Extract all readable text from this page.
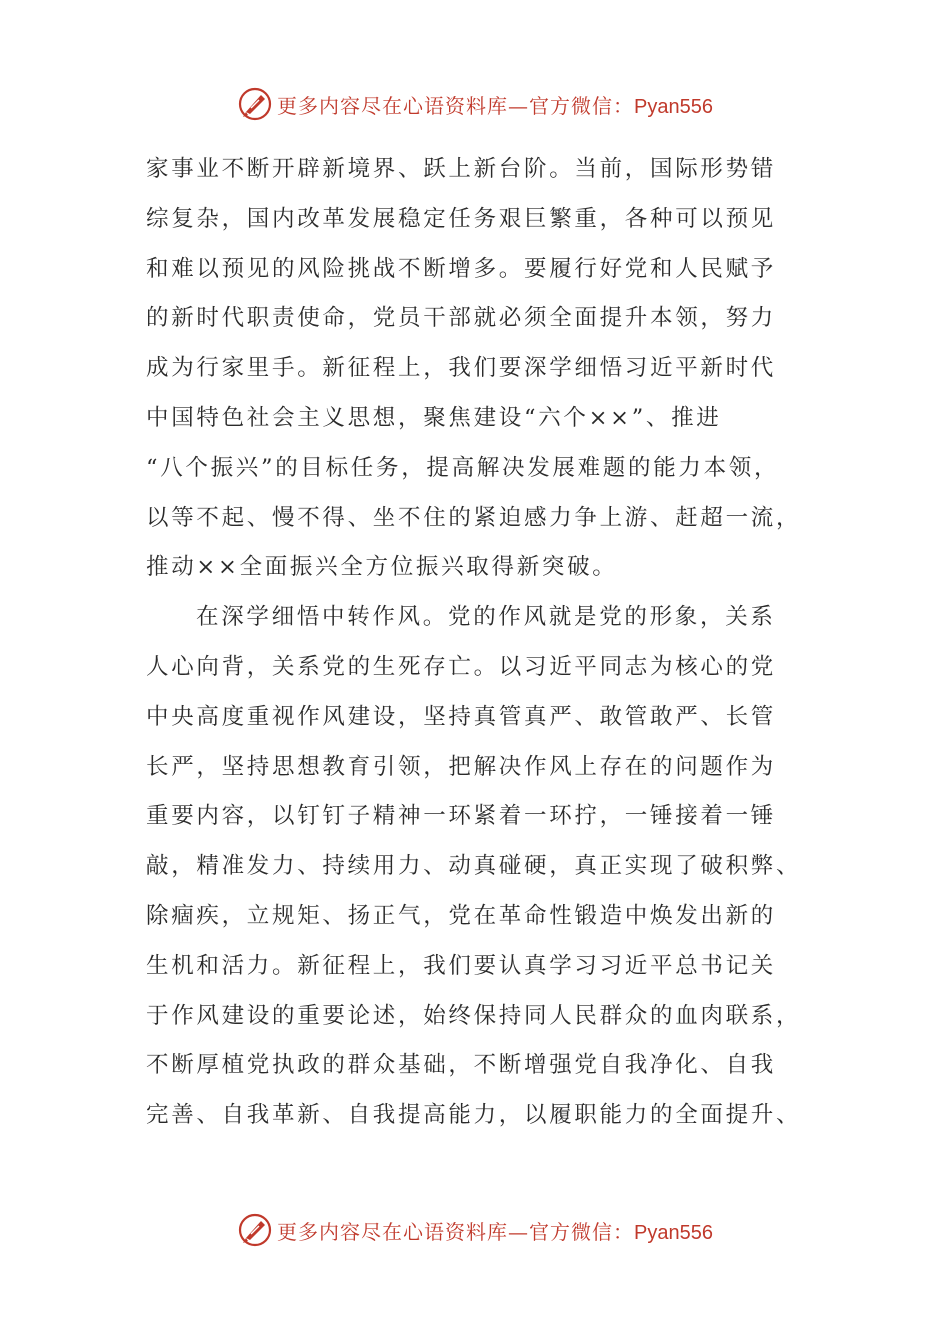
更多内容尽在心语资料库—官方微信：Pyan556
家事业不断开辟新境界、跃上新台阶。当前，国际形势错
综复杂，国内改革发展稳定任务艰巨繁重，各种可以预见
和难以预见的风险挑战不断增多。要履行好党和人民赋予
的新时代职责使命，党员干部就必须全面提升本领，努力
成为行家里手。新征程上，我们要深学细悟习近平新时代
中国特色社会主义思想，聚焦建设“六个××”、推进
“八个振兴”的目标任务，提高解决发展难题的能力本领，
以等不起、慢不得、坐不住的紧迫感力争上游、赶超一流，
推动××全面振兴全方位振兴取得新突破。
在深学细悟中转作风。党的作风就是党的形象，关系
人心向背，关系党的生死存亡。以习近平同志为核心的党
中央高度重视作风建设，坚持真管真严、敢管敢严、长管
长严，坚持思想教育引领，把解决作风上存在的问题作为
重要内容，以钉钉子精神一环紧着一环拧，一锤接着一锤
敲，精准发力、持续用力、动真碰硬，真正实现了破积弊、
除痼疾，立规矩、扬正气，党在革命性锻造中焕发出新的
生机和活力。新征程上，我们要认真学习习近平总书记关
于作风建设的重要论述，始终保持同人民群众的血肉联系，
不断厚植党执政的群众基础，不断增强党自我净化、自我
完善、自我革新、自我提高能力，以履职能力的全面提升、
更多内容尽在心语资料库—官方微信：Pyan556
